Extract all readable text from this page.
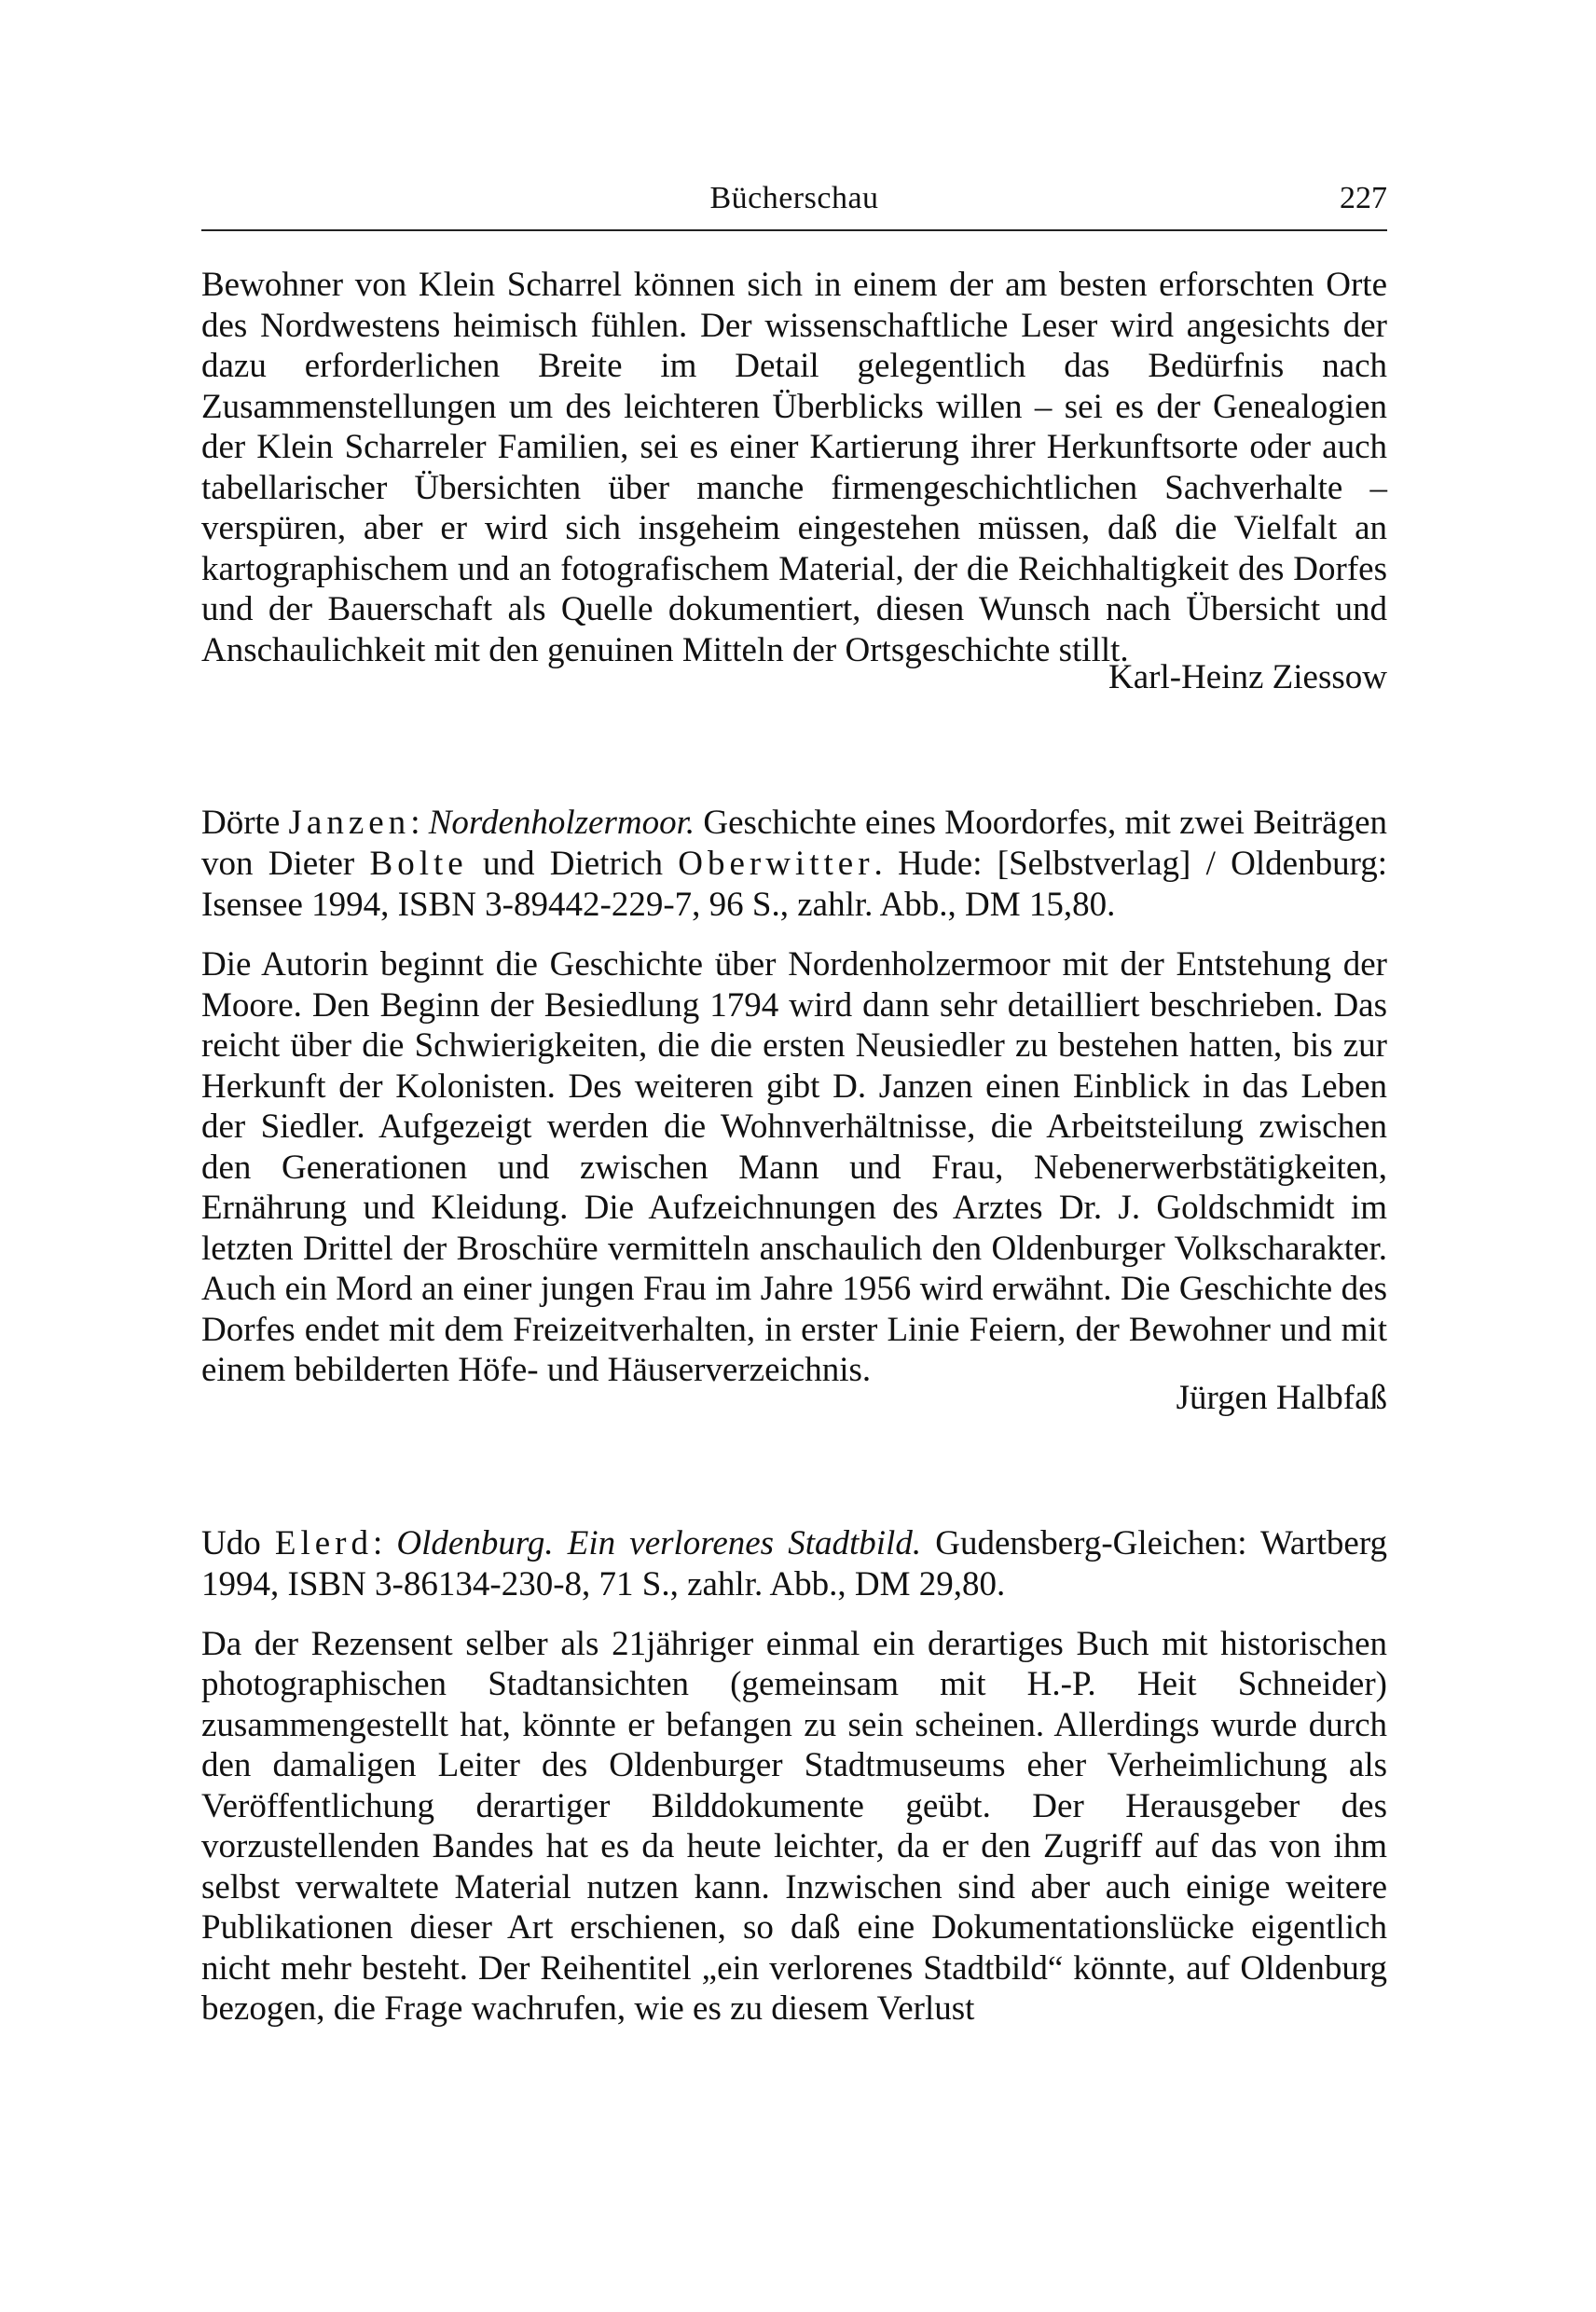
Bücherschau	227

Bewohner von Klein Scharrel können sich in einem der am besten erforschten Orte des Nordwestens heimisch fühlen. Der wissenschaftliche Leser wird angesichts der dazu erforderlichen Breite im Detail gelegentlich das Bedürfnis nach Zusammenstellungen um des leichteren Überblicks willen – sei es der Genealogien der Klein Scharreler Familien, sei es einer Kartierung ihrer Herkunftsorte oder auch tabellarischer Übersichten über manche firmengeschichtlichen Sachverhalte – verspüren, aber er wird sich insgeheim eingestehen müssen, daß die Vielfalt an kartographischem und an fotografischem Material, der die Reichhaltigkeit des Dorfes und der Bauerschaft als Quelle dokumentiert, diesen Wunsch nach Übersicht und Anschaulichkeit mit den genuinen Mitteln der Ortsgeschichte stillt.

Karl-Heinz Ziessow
Dörte Janzen: Nordenholzermoor. Geschichte eines Moordorfes, mit zwei Beiträgen von Dieter Bolte und Dietrich Oberwitter. Hude: [Selbstverlag] / Oldenburg: Isensee 1994, ISBN 3-89442-229-7, 96 S., zahlr. Abb., DM 15,80.

Die Autorin beginnt die Geschichte über Nordenholzermoor mit der Entstehung der Moore. Den Beginn der Besiedlung 1794 wird dann sehr detailliert beschrieben. Das reicht über die Schwierigkeiten, die die ersten Neusiedler zu bestehen hatten, bis zur Herkunft der Kolonisten. Des weiteren gibt D. Janzen einen Einblick in das Leben der Siedler. Aufgezeigt werden die Wohnverhältnisse, die Arbeitsteilung zwischen den Generationen und zwischen Mann und Frau, Nebenerwerbstätigkeiten, Ernährung und Kleidung. Die Aufzeichnungen des Arztes Dr. J. Goldschmidt im letzten Drittel der Broschüre vermitteln anschaulich den Oldenburger Volkscharakter. Auch ein Mord an einer jungen Frau im Jahre 1956 wird erwähnt. Die Geschichte des Dorfes endet mit dem Freizeitverhalten, in erster Linie Feiern, der Bewohner und mit einem bebilderten Höfe- und Häuserverzeichnis.

Jürgen Halbfaß
Udo Elerd: Oldenburg. Ein verlorenes Stadtbild. Gudensberg-Gleichen: Wartberg 1994, ISBN 3-86134-230-8, 71 S., zahlr. Abb., DM 29,80.

Da der Rezensent selber als 21jähriger einmal ein derartiges Buch mit historischen photographischen Stadtansichten (gemeinsam mit H.-P. Heit Schneider) zusammengestellt hat, könnte er befangen zu sein scheinen. Allerdings wurde durch den damaligen Leiter des Oldenburger Stadtmuseums eher Verheimlichung als Veröffentlichung derartiger Bilddokumente geübt. Der Herausgeber des vorzustellenden Bandes hat es da heute leichter, da er den Zugriff auf das von ihm selbst verwaltete Material nutzen kann. Inzwischen sind aber auch einige weitere Publikationen dieser Art erschienen, so daß eine Dokumentationslücke eigentlich nicht mehr besteht. Der Reihentitel „ein verlorenes Stadtbild“ könnte, auf Oldenburg bezogen, die Frage wachrufen, wie es zu diesem Verlust
